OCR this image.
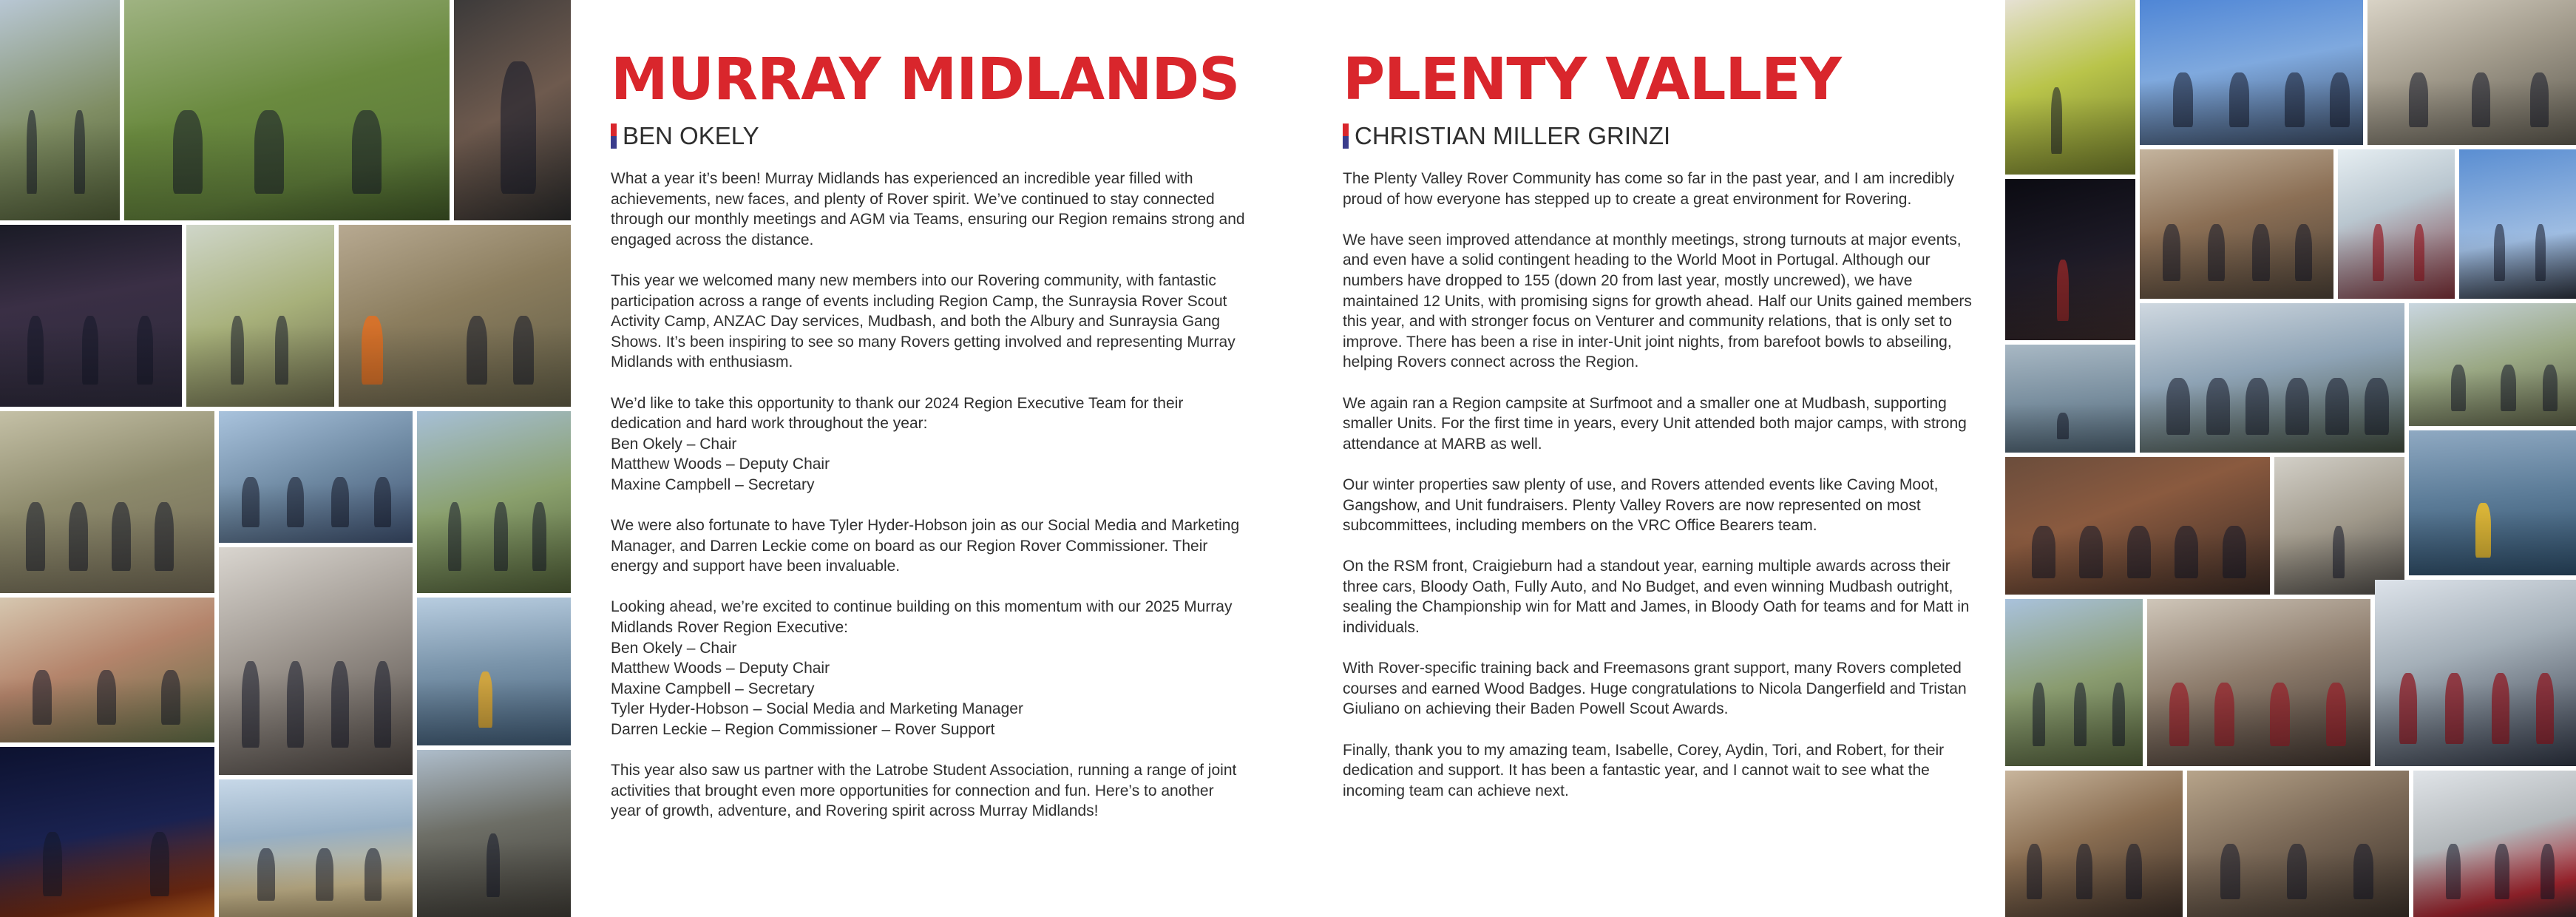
MURRAY MIDLANDS
BEN OKELY

What a year it’s been! Murray Midlands has experienced an incredible year filled with achievements, new faces, and plenty of Rover spirit. We’ve continued to stay connected through our monthly meetings and AGM via Teams, ensuring our Region remains strong and engaged across the distance.

This year we welcomed many new members into our Rovering community, with fantastic participation across a range of events including Region Camp, the Sunraysia Rover Scout Activity Camp, ANZAC Day services, Mudbash, and both the Albury and Sunraysia Gang Shows. It’s been inspiring to see so many Rovers getting involved and representing Murray Midlands with enthusiasm.

We’d like to take this opportunity to thank our 2024 Region Executive Team for their dedication and hard work throughout the year:
Ben Okely – Chair
Matthew Woods – Deputy Chair
Maxine Campbell – Secretary

We were also fortunate to have Tyler Hyder-Hobson join as our Social Media and Marketing Manager, and Darren Leckie come on board as our Region Rover Commissioner. Their energy and support have been invaluable.

Looking ahead, we’re excited to continue building on this momentum with our 2025 Murray Midlands Rover Region Executive:
Ben Okely – Chair
Matthew Woods – Deputy Chair
Maxine Campbell – Secretary
Tyler Hyder-Hobson – Social Media and Marketing Manager
Darren Leckie – Region Commissioner – Rover Support

This year also saw us partner with the Latrobe Student Association, running a range of joint activities that brought even more opportunities for connection and fun. Here’s to another year of growth, adventure, and Rovering spirit across Murray Midlands!

PLENTY VALLEY
CHRISTIAN MILLER GRINZI

The Plenty Valley Rover Community has come so far in the past year, and I am incredibly proud of how everyone has stepped up to create a great environment for Rovering.

We have seen improved attendance at monthly meetings, strong turnouts at major events, and even have a solid contingent heading to the World Moot in Portugal. Although our numbers have dropped to 155 (down 20 from last year, mostly uncrewed), we have maintained 12 Units, with promising signs for growth ahead. Half our Units gained members this year, and with stronger focus on Venturer and community relations, that is only set to improve. There has been a rise in inter-Unit joint nights, from barefoot bowls to abseiling, helping Rovers connect across the Region.

We again ran a Region campsite at Surfmoot and a smaller one at Mudbash, supporting smaller Units. For the first time in years, every Unit attended both major camps, with strong attendance at MARB as well.

Our winter properties saw plenty of use, and Rovers attended events like Caving Moot, Gangshow, and Unit fundraisers. Plenty Valley Rovers are now represented on most subcommittees, including members on the VRC Office Bearers team.

On the RSM front, Craigieburn had a standout year, earning multiple awards across their three cars, Bloody Oath, Fully Auto, and No Budget, and even winning Mudbash outright, sealing the Championship win for Matt and James, in Bloody Oath for teams and for Matt in individuals.

With Rover-specific training back and Freemasons grant support, many Rovers completed courses and earned Wood Badges. Huge congratulations to Nicola Dangerfield and Tristan Giuliano on achieving their Baden Powell Scout Awards.

Finally, thank you to my amazing team, Isabelle, Corey, Aydin, Tori, and Robert, for their dedication and support. It has been a fantastic year, and I cannot wait to see what the incoming team can achieve next.
